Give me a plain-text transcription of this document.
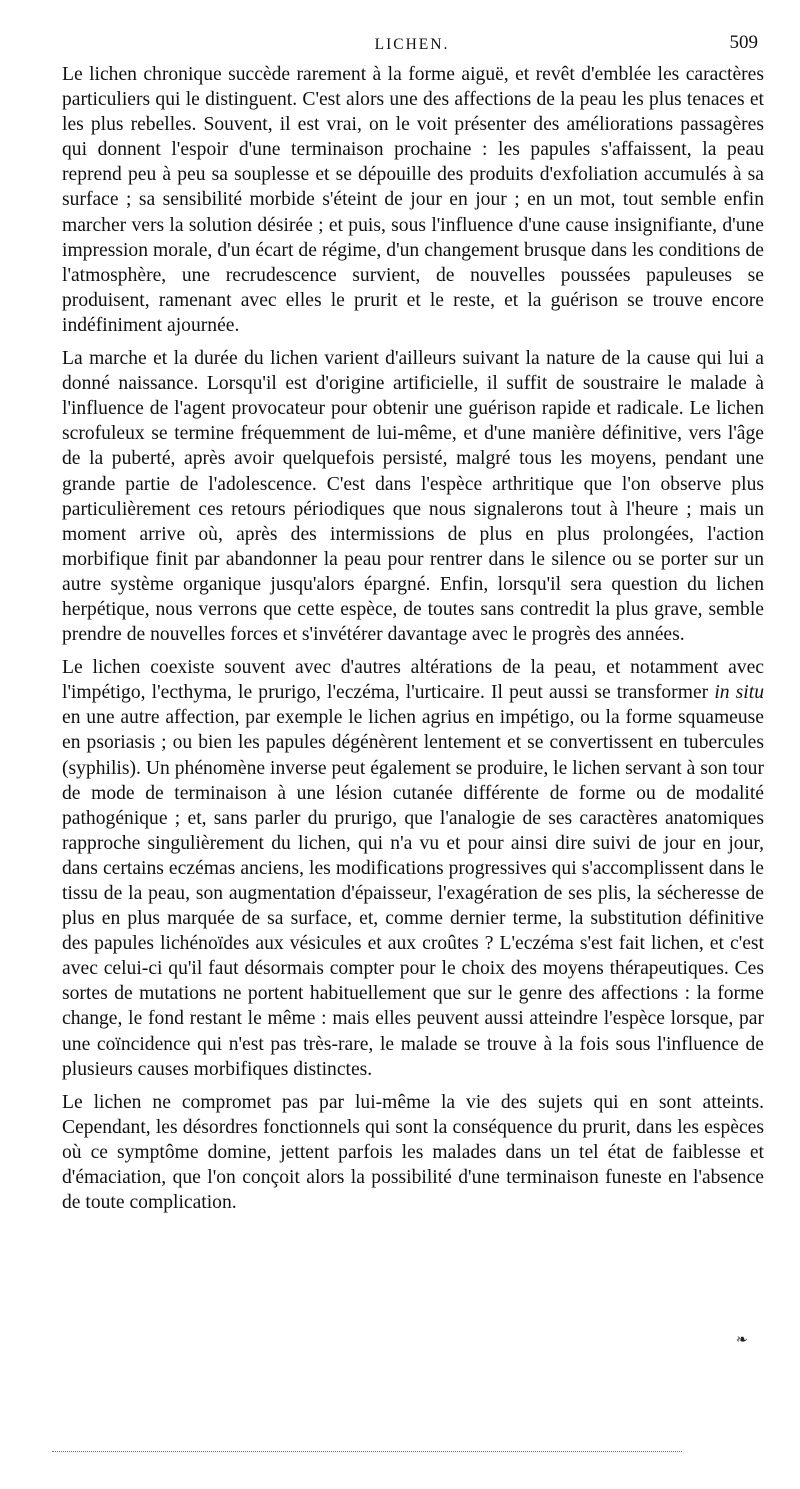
LICHEN.	509

Le lichen chronique succède rarement à la forme aiguë, et revêt d'emblée les caractères particuliers qui le distinguent. C'est alors une des affections de la peau les plus tenaces et les plus rebelles. Souvent, il est vrai, on le voit présenter des améliorations passagères qui donnent l'espoir d'une terminaison prochaine : les papules s'affaissent, la peau reprend peu à peu sa souplesse et se dépouille des produits d'exfoliation accumulés à sa surface ; sa sensibilité morbide s'éteint de jour en jour ; en un mot, tout semble enfin marcher vers la solution désirée ; et puis, sous l'influence d'une cause insignifiante, d'une impression morale, d'un écart de régime, d'un changement brusque dans les conditions de l'atmosphère, une recrudescence survient, de nouvelles poussées papuleuses se produisent, ramenant avec elles le prurit et le reste, et la guérison se trouve encore indéfiniment ajournée.

La marche et la durée du lichen varient d'ailleurs suivant la nature de la cause qui lui a donné naissance. Lorsqu'il est d'origine artificielle, il suffit de soustraire le malade à l'influence de l'agent provocateur pour obtenir une guérison rapide et radicale. Le lichen scrofuleux se termine fréquemment de lui-même, et d'une manière définitive, vers l'âge de la puberté, après avoir quelquefois persisté, malgré tous les moyens, pendant une grande partie de l'adolescence. C'est dans l'espèce arthritique que l'on observe plus particulièrement ces retours périodiques que nous signalerons tout à l'heure ; mais un moment arrive où, après des intermissions de plus en plus prolongées, l'action morbifique finit par abandonner la peau pour rentrer dans le silence ou se porter sur un autre système organique jusqu'alors épargné. Enfin, lorsqu'il sera question du lichen herpétique, nous verrons que cette espèce, de toutes sans contredit la plus grave, semble prendre de nouvelles forces et s'invétérer davantage avec le progrès des années.

Le lichen coexiste souvent avec d'autres altérations de la peau, et notamment avec l'impétigo, l'ecthyma, le prurigo, l'eczéma, l'urticaire. Il peut aussi se transformer in situ en une autre affection, par exemple le lichen agrius en impétigo, ou la forme squameuse en psoriasis ; ou bien les papules dégénèrent lentement et se convertissent en tubercules (syphilis). Un phénomène inverse peut également se produire, le lichen servant à son tour de mode de terminaison à une lésion cutanée différente de forme ou de modalité pathogénique ; et, sans parler du prurigo, que l'analogie de ses caractères anatomiques rapproche singulièrement du lichen, qui n'a vu et pour ainsi dire suivi de jour en jour, dans certains eczémas anciens, les modifications progressives qui s'accomplissent dans le tissu de la peau, son augmentation d'épaisseur, l'exagération de ses plis, la sécheresse de plus en plus marquée de sa surface, et, comme dernier terme, la substitution définitive des papules lichénoïdes aux vésicules et aux croûtes ? L'eczéma s'est fait lichen, et c'est avec celui-ci qu'il faut désormais compter pour le choix des moyens thérapeutiques. Ces sortes de mutations ne portent habituellement que sur le genre des affections : la forme change, le fond restant le même : mais elles peuvent aussi atteindre l'espèce lorsque, par une coïncidence qui n'est pas très-rare, le malade se trouve à la fois sous l'influence de plusieurs causes morbifiques distinctes.

Le lichen ne compromet pas par lui-même la vie des sujets qui en sont atteints. Cependant, les désordres fonctionnels qui sont la conséquence du prurit, dans les espèces où ce symptôme domine, jettent parfois les malades dans un tel état de faiblesse et d'émaciation, que l'on conçoit alors la possibilité d'une terminaison funeste en l'absence de toute complication.

❧
